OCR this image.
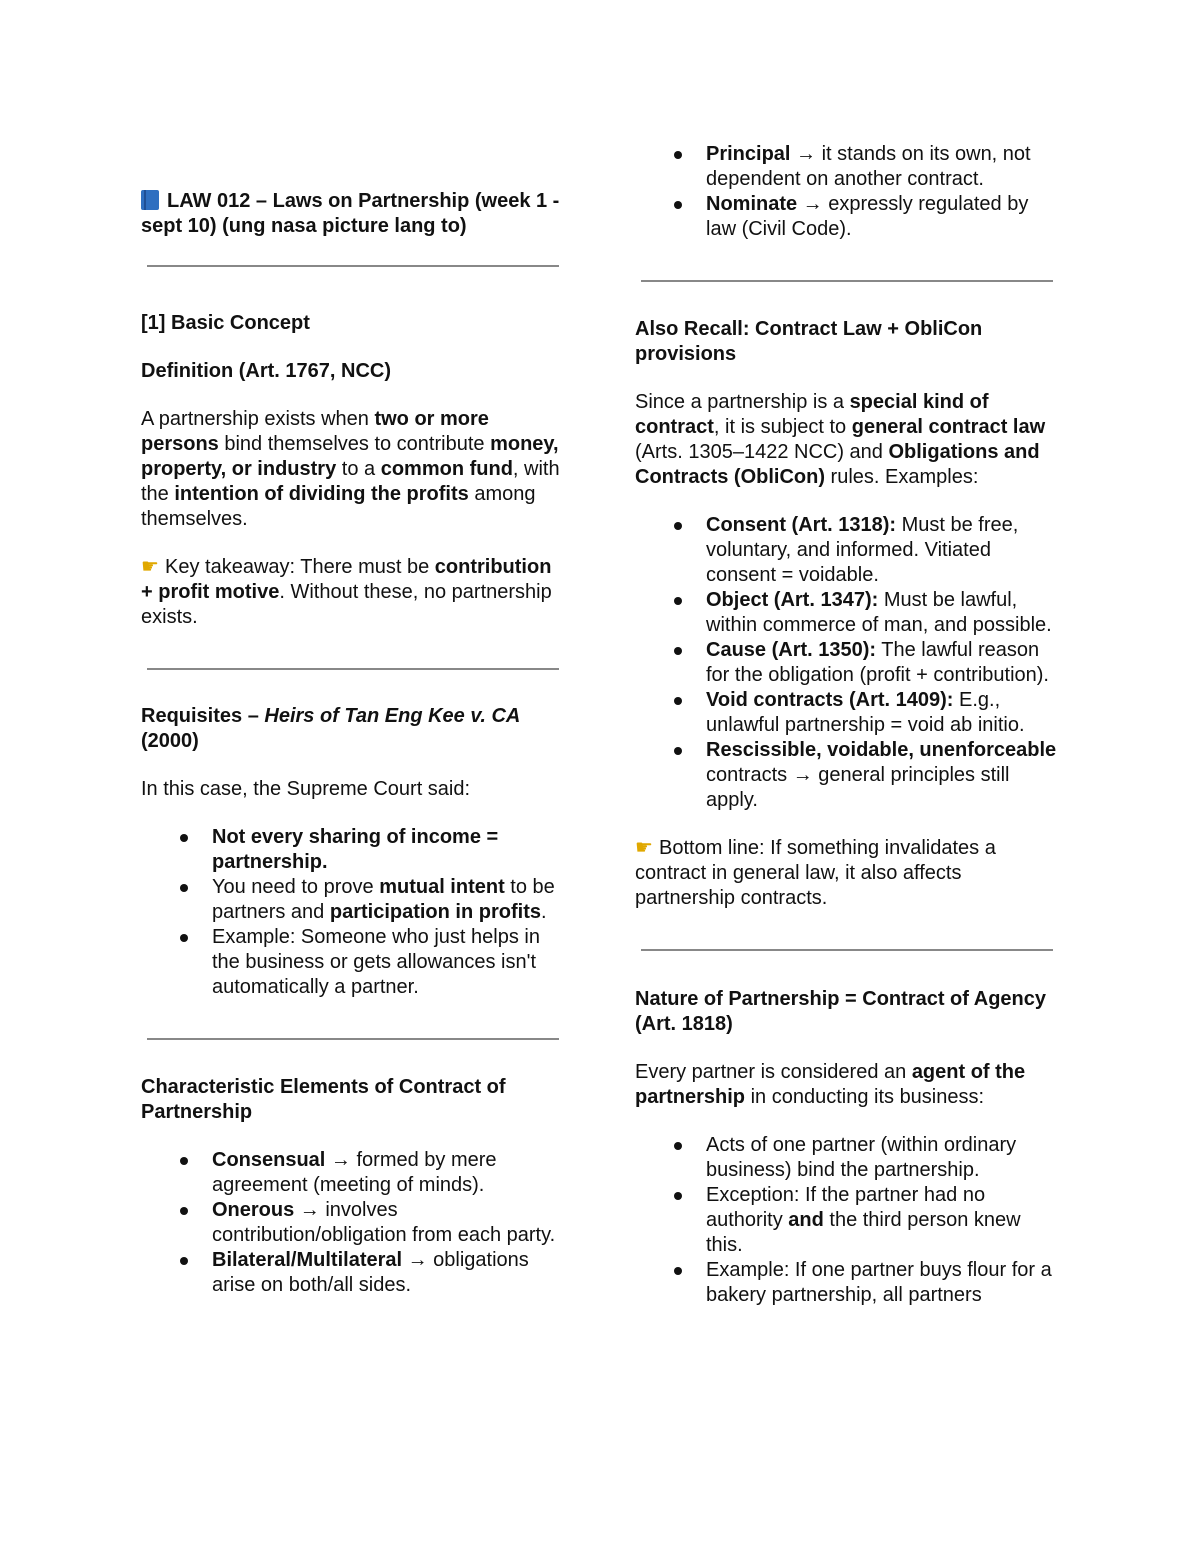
LAW 012 – Laws on Partnership (week 1 - sept 10) (ung nasa picture lang to)

[1] Basic Concept

Definition (Art. 1767, NCC)

A partnership exists when two or more persons bind themselves to contribute money, property, or industry to a common fund, with the intention of dividing the profits among themselves.

☛ Key takeaway: There must be contribution + profit motive. Without these, no partnership exists.

Requisites – Heirs of Tan Eng Kee v. CA (2000)

In this case, the Supreme Court said:

Not every sharing of income = partnership.
You need to prove mutual intent to be partners and participation in profits.
Example: Someone who just helps in the business or gets allowances isn't automatically a partner.

Characteristic Elements of Contract of Partnership

Consensual → formed by mere agreement (meeting of minds).
Onerous → involves contribution/obligation from each party.
Bilateral/Multilateral → obligations arise on both/all sides.
Principal → it stands on its own, not dependent on another contract.
Nominate → expressly regulated by law (Civil Code).

Also Recall: Contract Law + ObliCon provisions

Since a partnership is a special kind of contract, it is subject to general contract law (Arts. 1305–1422 NCC) and Obligations and Contracts (ObliCon) rules. Examples:

Consent (Art. 1318): Must be free, voluntary, and informed. Vitiated consent = voidable.
Object (Art. 1347): Must be lawful, within commerce of man, and possible.
Cause (Art. 1350): The lawful reason for the obligation (profit + contribution).
Void contracts (Art. 1409): E.g., unlawful partnership = void ab initio.
Rescissible, voidable, unenforceable contracts → general principles still apply.

☛ Bottom line: If something invalidates a contract in general law, it also affects partnership contracts.

Nature of Partnership = Contract of Agency (Art. 1818)

Every partner is considered an agent of the partnership in conducting its business:

Acts of one partner (within ordinary business) bind the partnership.
Exception: If the partner had no authority and the third person knew this.
Example: If one partner buys flour for a bakery partnership, all partners
